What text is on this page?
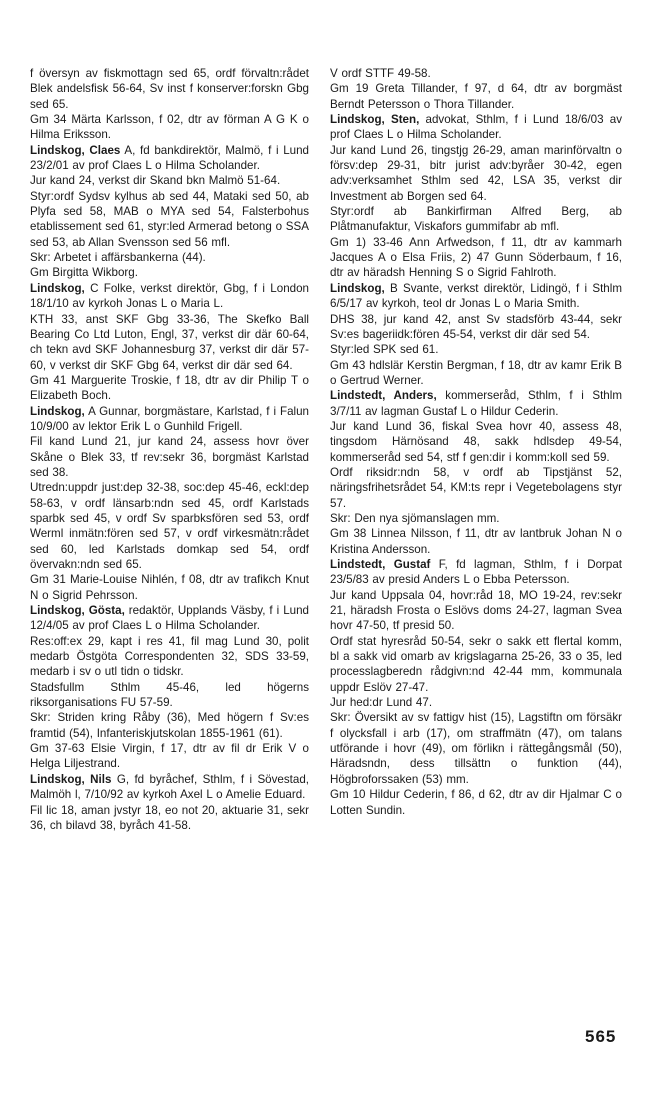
f översyn av fiskmottagn sed 65, ordf förvaltn:rådet Blek andelsfisk 56-64, Sv inst f konserver:forskn Gbg sed 65.

Gm 34 Märta Karlsson, f 02, dtr av förman A G K o Hilma Eriksson.

Lindskog, Claes A, fd bankdirektör, Malmö, f i Lund 23/2/01 av prof Claes L o Hilma Scholander.

Jur kand 24, verkst dir Skand bkn Malmö 51-64.

Styr:ordf Sydsv kylhus ab sed 44, Mataki sed 50, ab Plyfa sed 58, MAB o MYA sed 54, Falsterbohus etablissement sed 61, styr:led Armerad betong o SSA sed 53, ab Allan Svensson sed 56 mfl.

Skr: Arbetet i affärsbankerna (44).

Gm Birgitta Wikborg.

Lindskog, C Folke, verkst direktör, Gbg, f i London 18/1/10 av kyrkoh Jonas L o Maria L.

KTH 33, anst SKF Gbg 33-36, The Skefko Ball Bearing Co Ltd Luton, Engl, 37, verkst dir där 60-64, ch tekn avd SKF Johannesburg 37, verkst dir där 57-60, v verkst dir SKF Gbg 64, verkst dir där sed 64.

Gm 41 Marguerite Troskie, f 18, dtr av dir Philip T o Elizabeth Boch.

Lindskog, A Gunnar, borgmästare, Karlstad, f i Falun 10/9/00 av lektor Erik L o Gunhild Frigell.

Fil kand Lund 21, jur kand 24, assess hovr över Skåne o Blek 33, tf rev:sekr 36, borgmäst Karlstad sed 38.

Utredn:uppdr just:dep 32-38, soc:dep 45-46, eckl:dep 58-63, v ordf länsarb:ndn sed 45, ordf Karlstads sparbk sed 45, v ordf Sv sparbksfören sed 53, ordf Werml inmätn:fören sed 57, v ordf virkesmätn:rådet sed 60, led Karlstads domkap sed 54, ordf övervakn:ndn sed 65.

Gm 31 Marie-Louise Nihlén, f 08, dtr av trafikch Knut N o Sigrid Pehrsson.

Lindskog, Gösta, redaktör, Upplands Väsby, f i Lund 12/4/05 av prof Claes L o Hilma Scholander.

Res:off:ex 29, kapt i res 41, fil mag Lund 30, polit medarb Östgöta Correspondenten 32, SDS 33-59, medarb i sv o utl tidn o tidskr.

Stadsfullm Sthlm 45-46, led högerns riksorganisations FU 57-59.

Skr: Striden kring Råby (36), Med högern f Sv:es framtid (54), Infanteriskjutskolan 1855-1961 (61).

Gm 37-63 Elsie Virgin, f 17, dtr av fil dr Erik V o Helga Liljestrand.

Lindskog, Nils G, fd byråchef, Sthlm, f i Sövestad, Malmöh l, 7/10/92 av kyrkoh Axel L o Amelie Eduard.

Fil lic 18, aman jvstyr 18, eo not 20, aktuarie 31, sekr 36, ch bilavd 38, byråch 41-58.

V ordf STTF 49-58.

Gm 19 Greta Tillander, f 97, d 64, dtr av borgmäst Berndt Petersson o Thora Tillander.

Lindskog, Sten, advokat, Sthlm, f i Lund 18/6/03 av prof Claes L o Hilma Scholander.

Jur kand Lund 26, tingstjg 26-29, aman marinförvaltn o försv:dep 29-31, bitr jurist adv:byråer 30-42, egen adv:verksamhet Sthlm sed 42, LSA 35, verkst dir Investment ab Borgen sed 64.

Styr:ordf ab Bankirfirman Alfred Berg, ab Plåtmanufaktur, Viskafors gummifabr ab mfl.

Gm 1) 33-46 Ann Arfwedson, f 11, dtr av kammarh Jacques A o Elsa Friis, 2) 47 Gunn Söderbaum, f 16, dtr av häradsh Henning S o Sigrid Fahlroth.

Lindskog, B Svante, verkst direktör, Lidingö, f i Sthlm 6/5/17 av kyrkoh, teol dr Jonas L o Maria Smith.

DHS 38, jur kand 42, anst Sv stadsförb 43-44, sekr Sv:es bageriidk:fören 45-54, verkst dir där sed 54.

Styr:led SPK sed 61.

Gm 43 hdlslär Kerstin Bergman, f 18, dtr av kamr Erik B o Gertrud Werner.

Lindstedt, Anders, kommerseråd, Sthlm, f i Sthlm 3/7/11 av lagman Gustaf L o Hildur Cederin.

Jur kand Lund 36, fiskal Svea hovr 40, assess 48, tingsdom Härnösand 48, sakk hdlsdep 49-54, kommerseråd sed 54, stf f gen:dir i komm:koll sed 59.

Ordf riksidr:ndn 58, v ordf ab Tipstjänst 52, näringsfrihetsrådet 54, KM:ts repr i Vegetebolagens styr 57.

Skr: Den nya sjömanslagen mm.

Gm 38 Linnea Nilsson, f 11, dtr av lantbruk Johan N o Kristina Andersson.

Lindstedt, Gustaf F, fd lagman, Sthlm, f i Dorpat 23/5/83 av presid Anders L o Ebba Petersson.

Jur kand Uppsala 04, hovr:råd 18, MO 19-24, rev:sekr 21, häradsh Frosta o Eslövs doms 24-27, lagman Svea hovr 47-50, tf presid 50.

Ordf stat hyresråd 50-54, sekr o sakk ett flertal komm, bl a sakk vid omarb av krigslagarna 25-26, 33 o 35, led processlagberedn rådgivn:nd 42-44 mm, kommunala uppdr Eslöv 27-47.

Jur hed:dr Lund 47.

Skr: Översikt av sv fattigv hist (15), Lagstiftn om försäkr f olycksfall i arb (17), om straffmätn (47), om talans utförande i hovr (49), om förlikn i rättegångsmål (50), Häradsndn, dess tillsättn o funktion (44), Högbroforssaken (53) mm.

Gm 10 Hildur Cederin, f 86, d 62, dtr av dir Hjalmar C o Lotten Sundin.

565
